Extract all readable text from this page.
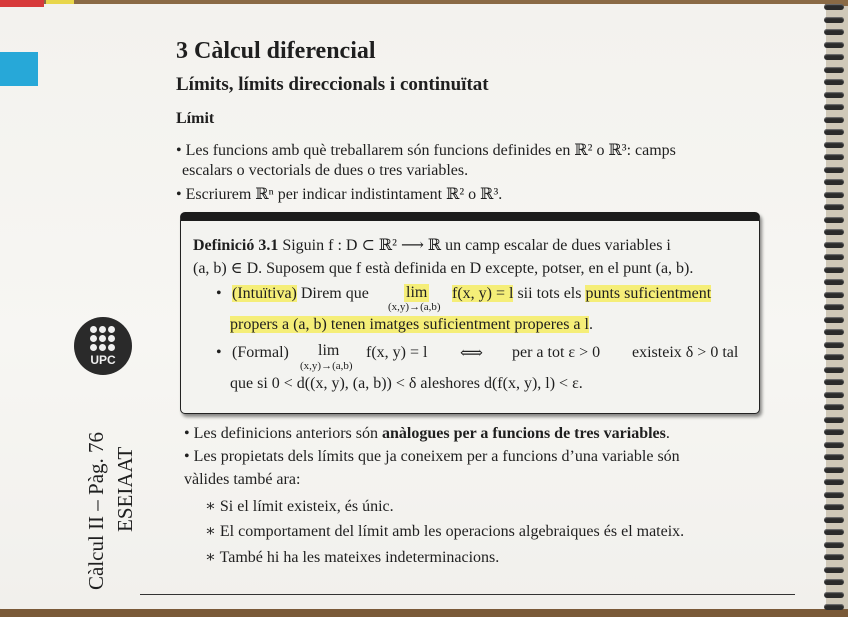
3 Càlcul diferencial
Límits, límits direccionals i continuïtat
Límit
• Les funcions amb què treballarem són funcions definides en ℝ² o ℝ³: camps
escalars o vectorials de dues o tres variables.
• Escriurem ℝⁿ per indicar indistintament ℝ² o ℝ³.
Definició 3.1 Siguin f : D ⊂ ℝ² ⟶ ℝ un camp escalar de dues variables i
(a, b) ∈ D. Suposem que f està definida en D excepte, potser, en el punt (a, b).
• (Intuïtiva) Direm que lim
(x,y)→(a,b)
f(x, y) = l sii tots els punts suficientment
propers a (a, b) tenen imatges suficientment properes a l.
• (Formal) lim
(x,y)→(a,b)
f(x, y) = l ⟺ per a tot ε > 0 existeix δ > 0 tal
que si 0 < d((x, y), (a, b)) < δ aleshores d(f(x, y), l) < ε.
• Les definicions anteriors són anàlogues per a funcions de tres variables.
• Les propietats dels límits que ja coneixem per a funcions d’una variable són
vàlides també ara:
∗ Si el límit existeix, és únic.
∗ El comportament del límit amb les operacions algebraiques és el mateix.
∗ També hi ha les mateixes indeterminacions.
UPC
Càlcul II – Pàg. 76 ESEIAAT
